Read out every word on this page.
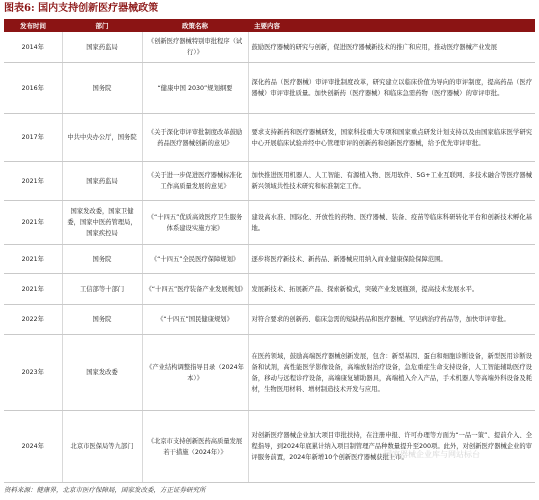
图表6: 国内支持创新医疗器械政策
发布时间	部门	政策名称	主要内容
2014年	国家药监局	《创新医疗器械特别审批程序（试行）》	鼓励医疗器械的研究与创新，促进医疗器械新技术的推广和应用，推动医疗器械产业发展
2016年	国务院	“健康中国 2030”规划纲要	深化药品（医疗器械）审评审批制度改革，研究建立以临床价值为导向的审评制度，提高药品（医疗器械）审评审批质量。加快创新药（医疗器械）和临床急需药物（医疗器械）的审评审批。
2017年	中共中央办公厅，国务院	《关于深化审评审批制度改革鼓励药品医疗器械创新的意见》	要求支持新药和医疗器械研发，国家科技重大专项和国家重点研发计划支持以及由国家临床医学研究中心开展临床试验并经中心管理审评的创新药和创新医疗器械，给予优先审评审批。
2021年	国家药监局	《关于进一步促进医疗器械标准化工作高质量发展的意见》	加快推进医用机器人、人工智能、有源植入物、医用软件、5G+工业互联网、多技术融合等医疗器械新兴领域共性技术研究和标准制定工作。
2021年	国家发改委，国家卫健委，国家中医药管理局，国家疾控局	《“十四五”优质高效医疗卫生服务体系建设实施方案》	建设高水准、国际化、开放性的药物、医疗器械、装备、疫苗等临床科研转化平台和创新技术孵化基地。
2021年	国务院	《“十四五”全民医疗保障规划》	逐步将医疗新技术、新药品、新器械应用纳入商业健康保险保障范围。
2021年	工信部等十部门	《“十四五”医疗装备产业发展规划》	发展新技术、拓展新产品、探索新模式，突破产业发展瓶颈，提高技术发展水平。
2022年	国务院	《“十四五”国民健康规划》	对符合要求的创新药、临床急需的短缺药品和医疗器械、罕见病治疗药品等，加快审评审批。
2023年	国家发改委	《产业结构调整指导目录（2024年本）》	在医药领域，鼓励高端医疗器械创新发展，包含：新型基因、蛋白和细胞诊断设备，新型医用诊断设备和试剂，高性能医学影像设备，高端放射治疗设备，急危重症生命支持设备，人工智能辅助医疗设备，移动与远程诊疗设备，高端康复辅助器具，高端植入介入产品，手术机器人等高端外科设备及耗材，生物医用材料、增材制造技术开发与应用。
2024年	北京市医保局等九部门	《北京市支持创新医药高质量发展若干措施（2024年）》	对创新医疗器械企业加大项目审批扶持，在注册申报、许可办理等方面为“一品一策”、提前介入、全程指导，到2024年底累计纳入项目制管理产品种数量提升至200项。此外，对创新医疗器械企业的审评服务前置，2024年新增10个创新医疗器械获批上市。
国家器械企业库与网站标台
资料来源：健康界，北京市医疗保障局，国家发改委，方正证券研究所
